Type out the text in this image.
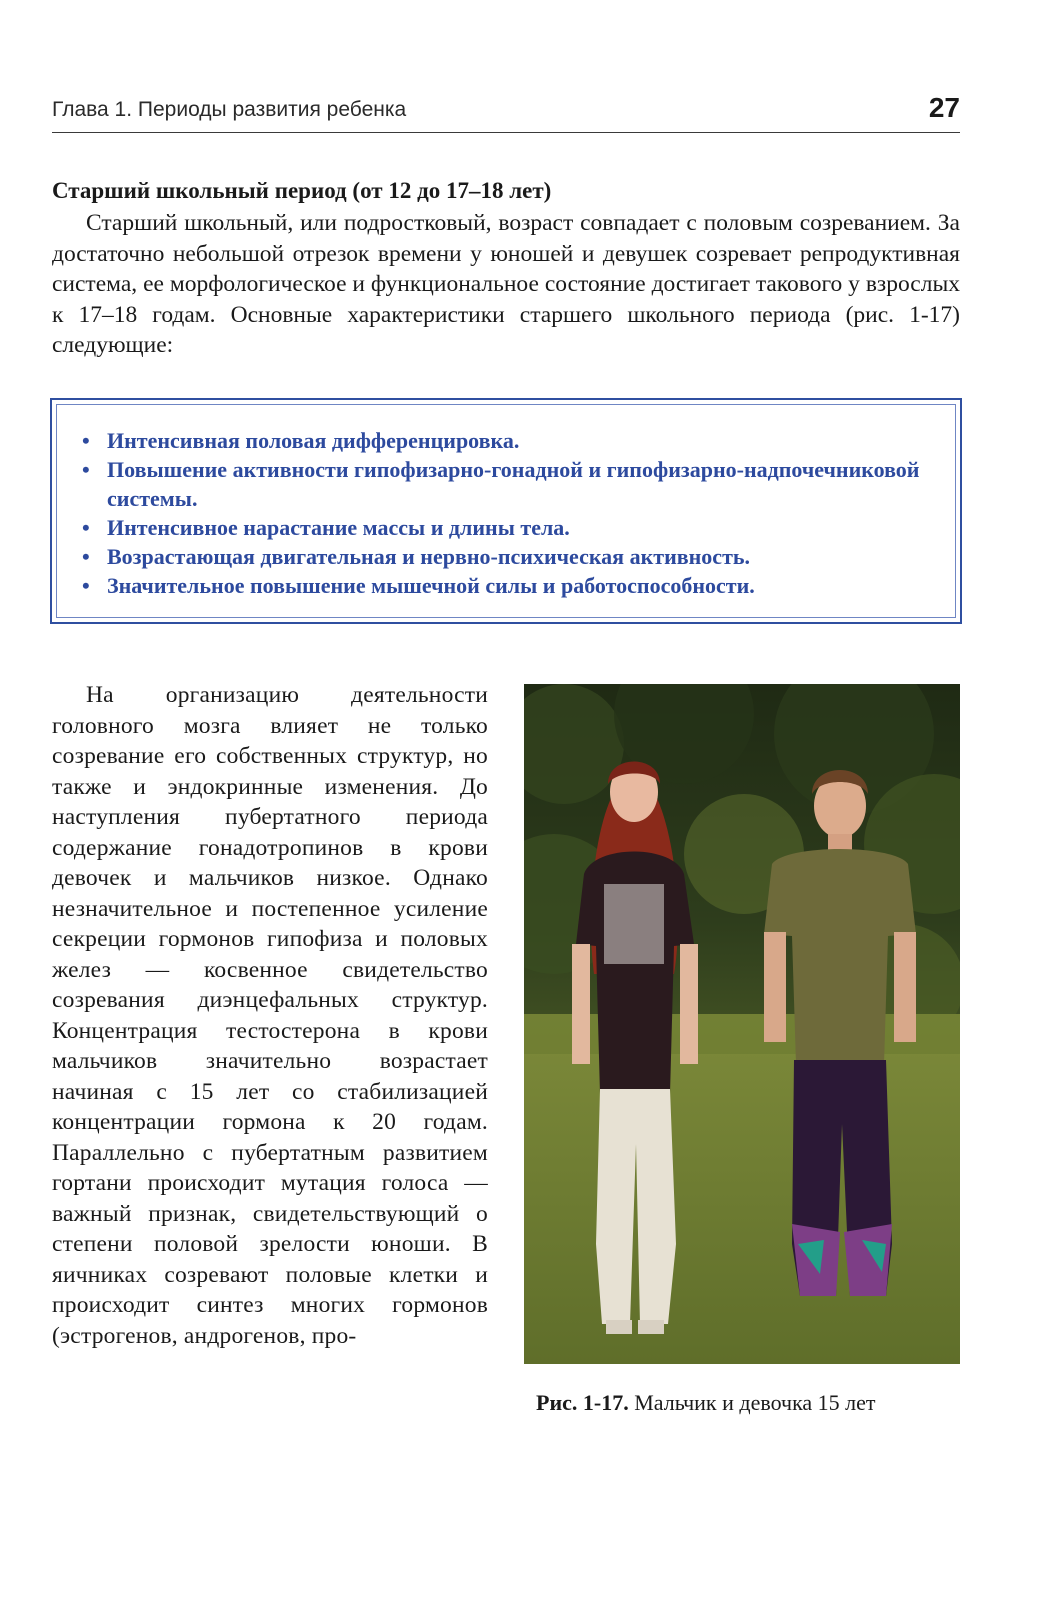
Глава 1. Периоды развития ребенка	27
Старший школьный период (от 12 до 17–18 лет)

Старший школьный, или подростковый, возраст совпадает с половым созреванием. За достаточно небольшой отрезок времени у юношей и девушек созревает репродуктивная система, ее морфологическое и функциональное состояние достигает такового у взрослых к 17–18 годам. Основные характеристики старшего школьного периода (рис. 1-17) следующие:

• Интенсивная половая дифференцировка.
• Повышение активности гипофизарно-гонадной и гипофизарно-надпочечниковой системы.
• Интенсивное нарастание массы и длины тела.
• Возрастающая двигательная и нервно-психическая активность.
• Значительное повышение мышечной силы и работоспособности.

На организацию деятельности головного мозга влияет не только созревание его собственных структур, но также и эндокринные изменения. До наступления пубертатного периода содержание гонадотропинов в крови девочек и мальчиков низкое. Однако незначительное и постепенное усиление секреции гормонов гипофиза и половых желез — косвенное свидетельство созревания диэнцефальных структур. Концентрация тестостерона в крови мальчиков значительно возрастает начиная с 15 лет со стабилизацией концентрации гормона к 20 годам. Параллельно с пубертатным развитием гортани происходит мутация голоса — важный признак, свидетельствующий о степени половой зрелости юноши. В яичниках созревают половые клетки и происходит синтез многих гормонов (эстрогенов, андрогенов, про-

Рис. 1-17. Мальчик и девочка 15 лет
